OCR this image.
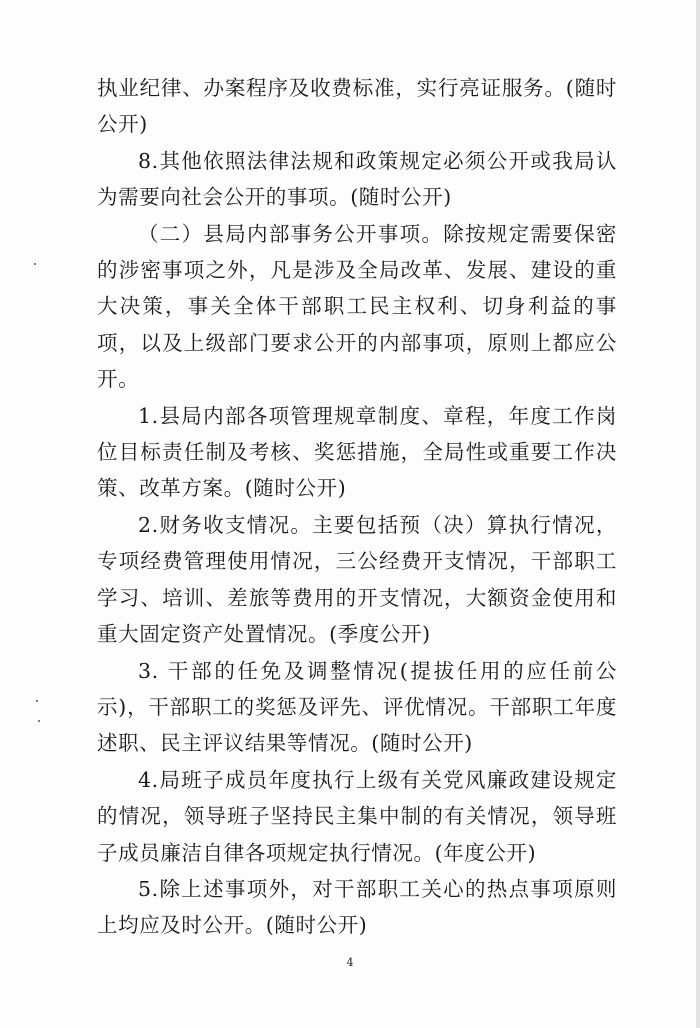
执业纪律、办案程序及收费标准，实行亮证服务。(随时公开)

8.其他依照法律法规和政策规定必须公开或我局认为需要向社会公开的事项。(随时公开)

（二）县局内部事务公开事项。除按规定需要保密的涉密事项之外，凡是涉及全局改革、发展、建设的重大决策，事关全体干部职工民主权利、切身利益的事项，以及上级部门要求公开的内部事项，原则上都应公开。

1.县局内部各项管理规章制度、章程，年度工作岗位目标责任制及考核、奖惩措施，全局性或重要工作决策、改革方案。(随时公开)

2.财务收支情况。主要包括预（决）算执行情况，专项经费管理使用情况，三公经费开支情况，干部职工学习、培训、差旅等费用的开支情况，大额资金使用和重大固定资产处置情况。(季度公开)

3. 干部的任免及调整情况(提拔任用的应任前公示)，干部职工的奖惩及评先、评优情况。干部职工年度述职、民主评议结果等情况。(随时公开)

4.局班子成员年度执行上级有关党风廉政建设规定的情况，领导班子坚持民主集中制的有关情况，领导班子成员廉洁自律各项规定执行情况。(年度公开)

5.除上述事项外，对干部职工关心的热点事项原则上均应及时公开。(随时公开)

4
